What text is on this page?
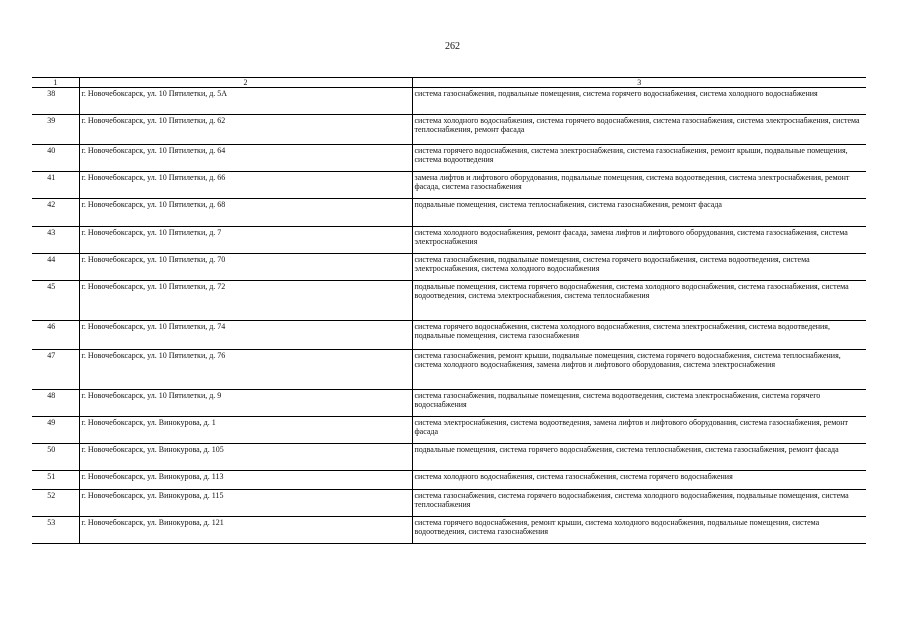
262
1	2	3
38	г. Новочебоксарск, ул. 10 Пятилетки, д. 5А	система газоснабжения, подвальные помещения, система горячего водоснабжения, система холодного водоснабжения
39	г. Новочебоксарск, ул. 10 Пятилетки, д. 62	система холодного водоснабжения, система горячего водоснабжения, система газоснабжения, система электроснабжения, система теплоснабжения, ремонт фасада
40	г. Новочебоксарск, ул. 10 Пятилетки, д. 64	система горячего водоснабжения, система электроснабжения, система газоснабжения, ремонт крыши, подвальные помещения, система водоотведения
41	г. Новочебоксарск, ул. 10 Пятилетки, д. 66	замена лифтов и лифтового оборудования, подвальные помещения, система водоотведения, система электроснабжения, ремонт фасада, система газоснабжения
42	г. Новочебоксарск, ул. 10 Пятилетки, д. 68	подвальные помещения, система теплоснабжения, система газоснабжения, ремонт фасада
43	г. Новочебоксарск, ул. 10 Пятилетки, д. 7	система холодного водоснабжения, ремонт фасада, замена лифтов и лифтового оборудования, система газоснабжения, система электроснабжения
44	г. Новочебоксарск, ул. 10 Пятилетки, д. 70	система газоснабжения, подвальные помещения, система горячего водоснабжения, система водоотведения, система электроснабжения, система холодного водоснабжения
45	г. Новочебоксарск, ул. 10 Пятилетки, д. 72	подвальные помещения, система горячего водоснабжения, система холодного водоснабжения, система газоснабжения, система водоотведения, система электроснабжения, система теплоснабжения
46	г. Новочебоксарск, ул. 10 Пятилетки, д. 74	система горячего водоснабжения, система холодного водоснабжения, система электроснабжения, система водоотведения, подвальные помещения, система газоснабжения
47	г. Новочебоксарск, ул. 10 Пятилетки, д. 76	система газоснабжения, ремонт крыши, подвальные помещения, система горячего водоснабжения, система теплоснабжения, система холодного водоснабжения, замена лифтов и лифтового оборудования, система электроснабжения
48	г. Новочебоксарск, ул. 10 Пятилетки, д. 9	система газоснабжения, подвальные помещения, система водоотведения, система электроснабжения, система горячего водоснабжения
49	г. Новочебоксарск, ул. Винокурова, д. 1	система электроснабжения, система водоотведения, замена лифтов и лифтового оборудования, система газоснабжения, ремонт фасада
50	г. Новочебоксарск, ул. Винокурова, д. 105	подвальные помещения, система горячего водоснабжения, система теплоснабжения, система газоснабжения, ремонт фасада
51	г. Новочебоксарск, ул. Винокурова, д. 113	система холодного водоснабжения, система газоснабжения, система горячего водоснабжения
52	г. Новочебоксарск, ул. Винокурова, д. 115	система газоснабжения, система горячего водоснабжения, система холодного водоснабжения, подвальные помещения, система теплоснабжения
53	г. Новочебоксарск, ул. Винокурова, д. 121	система горячего водоснабжения, ремонт крыши, система холодного водоснабжения, подвальные помещения, система водоотведения, система газоснабжения
